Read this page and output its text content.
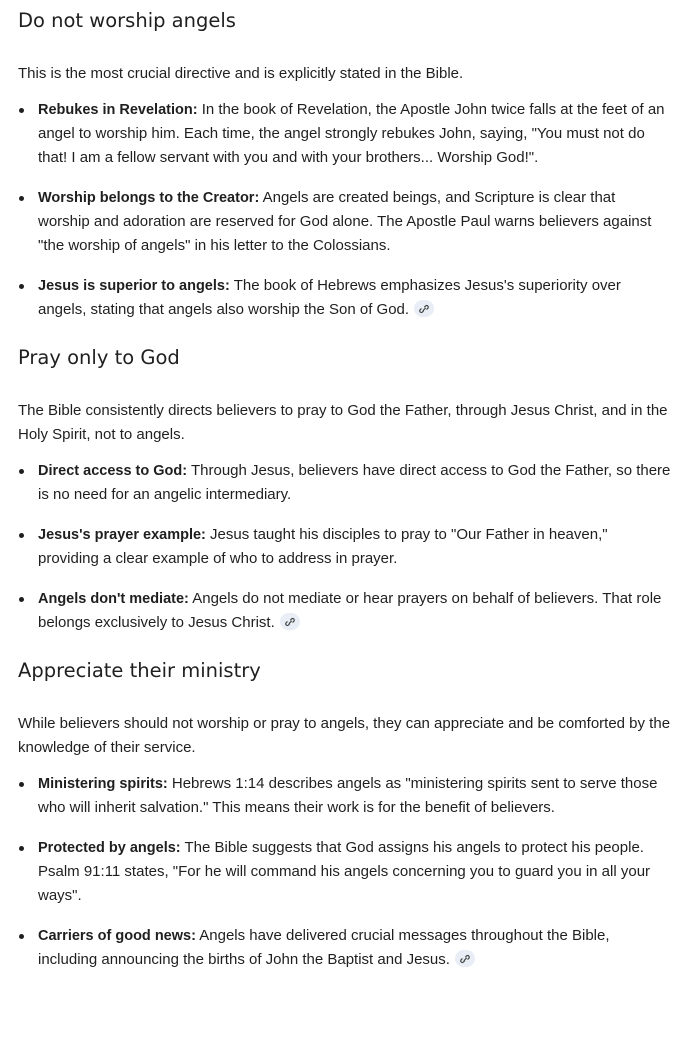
Do not worship angels

This is the most crucial directive and is explicitly stated in the Bible.

Rebukes in Revelation: In the book of Revelation, the Apostle John twice falls at the feet of an angel to worship him. Each time, the angel strongly rebukes John, saying, "You must not do that! I am a fellow servant with you and with your brothers... Worship God!".
Worship belongs to the Creator: Angels are created beings, and Scripture is clear that worship and adoration are reserved for God alone. The Apostle Paul warns believers against "the worship of angels" in his letter to the Colossians.
Jesus is superior to angels: The book of Hebrews emphasizes Jesus's superiority over angels, stating that angels also worship the Son of God.
Pray only to God

The Bible consistently directs believers to pray to God the Father, through Jesus Christ, and in the Holy Spirit, not to angels.

Direct access to God: Through Jesus, believers have direct access to God the Father, so there is no need for an angelic intermediary.
Jesus's prayer example: Jesus taught his disciples to pray to "Our Father in heaven," providing a clear example of who to address in prayer.
Angels don't mediate: Angels do not mediate or hear prayers on behalf of believers. That role belongs exclusively to Jesus Christ.
Appreciate their ministry

While believers should not worship or pray to angels, they can appreciate and be comforted by the knowledge of their service.

Ministering spirits: Hebrews 1:14 describes angels as "ministering spirits sent to serve those who will inherit salvation." This means their work is for the benefit of believers.
Protected by angels: The Bible suggests that God assigns his angels to protect his people. Psalm 91:11 states, "For he will command his angels concerning you to guard you in all your ways".
Carriers of good news: Angels have delivered crucial messages throughout the Bible, including announcing the births of John the Baptist and Jesus.
